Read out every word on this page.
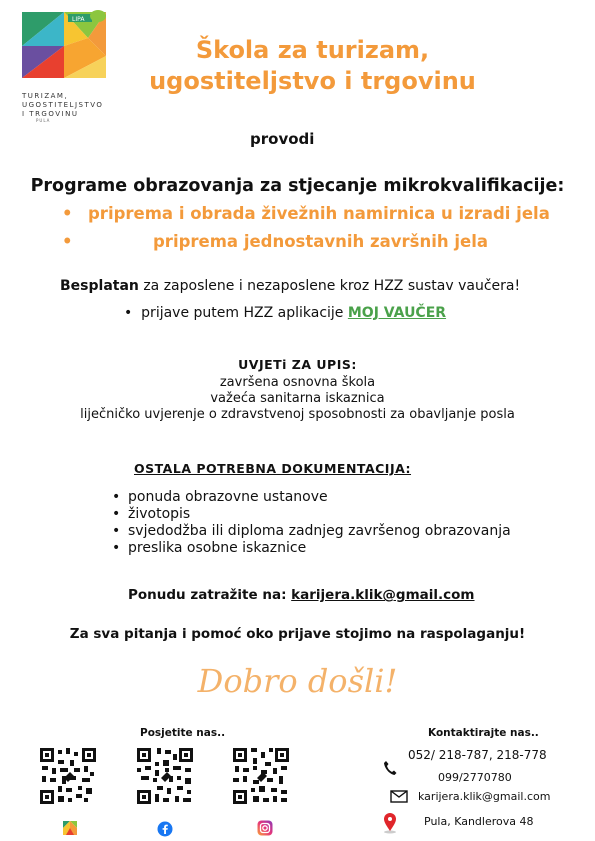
LIPA
TURIZAM,
UGOSTITELJSTVO
I TRGOVINU
PULA
Škola za turizam,
ugostiteljstvo i trgovinu
provodi
Programe obrazovanja za stjecanje mikrokvalifikacije:
• priprema i obrada živežnih namirnica u izradi jela
•	priprema jednostavnih završnih jela
Besplatan za zaposlene i nezaposlene kroz HZZ sustav vaučera!
•  prijave putem HZZ aplikacije MOJ VAUČER
UVJETi ZA UPIS:
završena osnovna škola
važeća sanitarna iskaznica
liječničko uvjerenje o zdravstvenoj sposobnosti za obavljanje posla
OSTALA POTREBNA DOKUMENTACIJA:
• ponuda obrazovne ustanove
• životopis
• svjedodžba ili diploma zadnjeg završenog obrazovanja
• preslika osobne iskaznice
Ponudu zatražite na: karijera.klik@gmail.com
Za sva pitanja i pomoć oko prijave stojimo na raspolaganju!
Dobro došli!
Posjetite nas..	Kontaktirajte nas..
052/ 218-787, 218-778
099/2770780
karijera.klik@gmail.com
Pula, Kandlerova 48
